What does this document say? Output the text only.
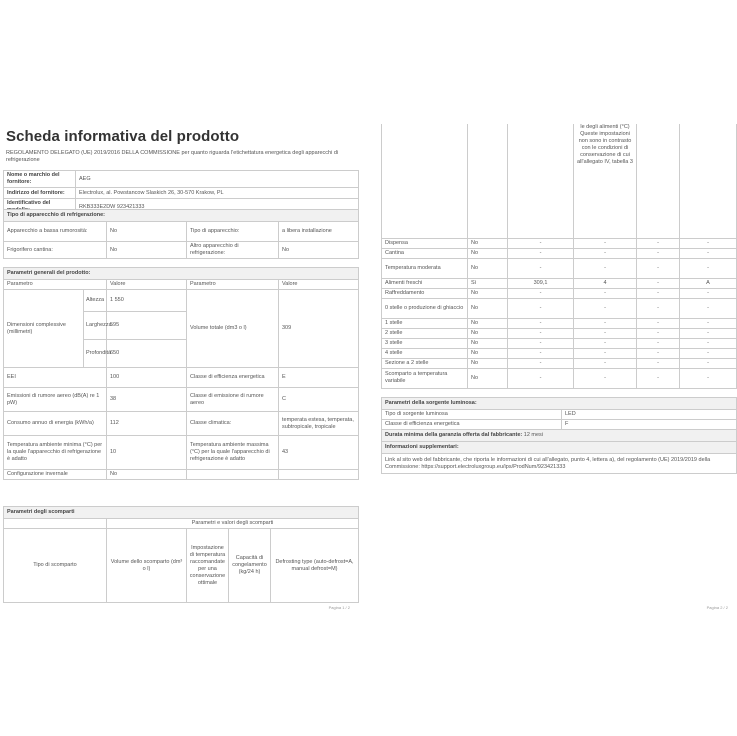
Scheda informativa del prodotto
REGOLAMENTO DELEGATO (UE) 2019/2016 DELLA COMMISSIONE per quanto riguarda l'etichettatura energetica degli apparecchi di refrigerazione
Nome o marchio del fornitore:	AEG
Indirizzo del fornitore:	Electrolux, al. Powstancow Slaskich 26, 30-570 Krakow, PL
Identificativo del	RKB333E2DW 923421333
Tipo di apparecchio di refrigerazione:			
Apparecchio a bassa rumorosità:	No	Tipo di apparecchio:	a libera installazione
Frigorifero cantina:	No	Altro apparecchio di refrigerazione:	No
Parametri generali del prodotto:				
Parametro		Valore	Parametro	Valore
Dimensioni complessive (millimetri)	Altezza	1 550	Volume totale (dm3 o l)	309
	Larghezza	595		
	Profondità	650		
EEI		100	Classe di efficienza energetica	E
Emissioni di rumore aereo (dB(A) re 1 pW)		38	Classe di emissione di rumore aereo	C
Consumo annuo di energia (kWh/a)		112	Classe climatica:	temperata estesa, temperata, subtropicale, tropicale
Temperatura ambiente minima (°C) per la quale l'apparecchio di refrigerazione è adatto		10	Temperatura ambiente massima (°C) per la quale l'apparecchio di refrigerazione è adatto	43
Configurazione invernale		No		
Parametri degli scomparti				
	Parametri e valori degli scomparti			
Tipo di scomparto	Volume dello scomparto (dm³ o l)	Impostazione di temperatura raccomandate per una conservazione ottimale	Capacità di congelamento (kg/24 h)	Defrosting type (auto-defrost=A, manual defrost=M)
Pagina 1 / 2
			le degli alimenti (°C) Queste impostazioni non sono in contrasto con le condizioni di conservazione di cui all'allegato IV, tabella 3		
Dispensa	No	-	-	-	-
Cantina	No	-	-	-	-
Temperatura moderata	No	-	-	-	-
Alimenti freschi	Sì	309,1	4	-	A
Raffreddamento	No	-	-	-	-
0 stelle o produzione di ghiaccio	No	-	-	-	-
1 stelle	No	-	-	-	-
2 stelle	No	-	-	-	-
3 stelle	No	-	-	-	-
4 stelle	No	-	-	-	-
Sezione a 2 stelle	No	-	-	-	-
Scomparto a temperatura variabile	No	-	-	-	-
Parametri della sorgente luminosa:	
Tipo di sorgente luminosa	LED
Classe di efficienza energetica	F
Durata minima della garanzia offerta dal fabbricante: 12 mesi	
Informazioni supplementari:	
Link al sito web del fabbricante, che riporta le informazioni di cui all'allegato, punto 4, lettera a), del regolamento (UE) 2019/2019 della Commissione: https://support.electroluxgroup.eu/ips/ProdNum/923421333	
Pagina 2 / 2
